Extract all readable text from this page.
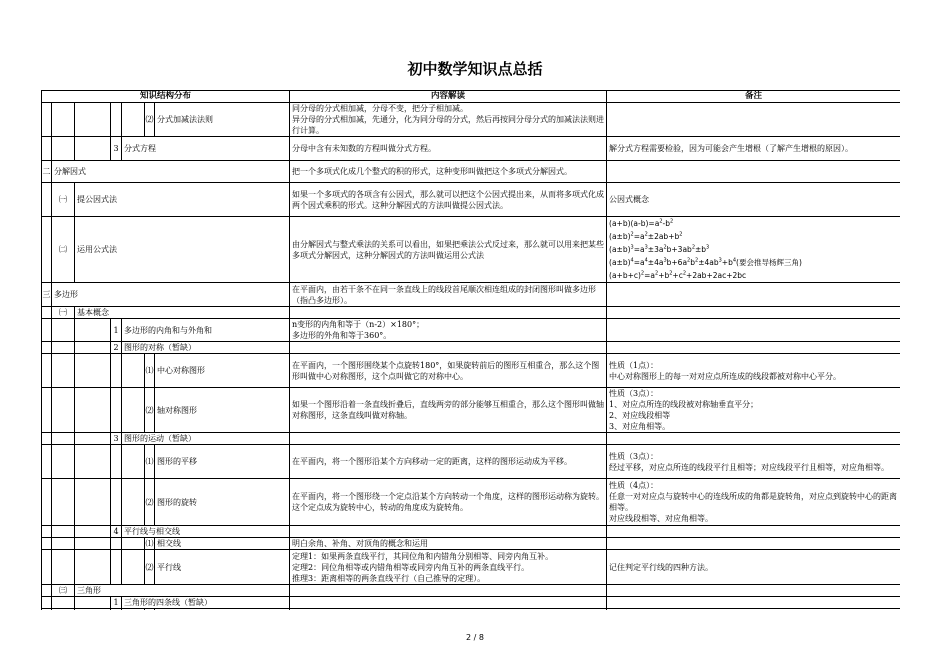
初中数学知识点总括
知识结构分布							内容解读	备注
					⑵	分式加减法法则	同分母的分式相加减，分母不变，把分子相加减。
异分母的分式相加减，先通分，化为同分母的分式，然后再按同分母分式的加减法法则进行计算。	
			3	分式方程			分母中含有未知数的方程叫做分式方程。	解分式方程需要检验，因为可能会产生增根（了解产生增根的原因）。
二	分解因式						把一个多项式化成几个整式的积的形式，这种变形叫做把这个多项式分解因式。	
	㈠	提公因式法					如果一个多项式的各项含有公因式，那么就可以把这个公因式提出来，从而将多项式化成两个因式乘积的形式。这种分解因式的方法叫做提公因式法。	公因式概念
	㈡	运用公式法					由分解因式与整式乘法的关系可以看出，如果把乘法公式反过来，那么就可以用来把某些多项式分解因式，这种分解因式的方法叫做运用公式法	$(a+b)(a-b)=a^2-b^2$
$(a\pm b)^2=a^2\pm 2ab+b^2$
$(a\pm b)^3=a^3\pm 3a^2b+3ab^2\pm b^3$
$(a\pm b)^4=a^4\pm 4a^3b+6a^2b^2\pm 4ab^3+b^4$(要会推导杨辉三角)
$(a+b+c)^2=a^2+b^2+c^2+2ab+2ac+2bc$

三	多边形						在平面内，由若干条不在同一条直线上的线段首尾顺次相连组成的封闭图形叫做多边形（指凸多边形）。	
	㈠	基本概念						
			1	多边形的内角和与外角和			n变形的内角和等于（n-2）×180°；
多边形的外角和等于360°。	
			2	图形的对称（暂缺）				
					⑴	中心对称图形	在平面内，一个图形围绕某个点旋转180°，如果旋转前后的图形互相重合，那么这个图形叫做中心对称图形，这个点叫做它的对称中心。	性质（1点）：
中心对称图形上的每一对对应点所连成的线段都被对称中心平分。
					⑵	轴对称图形	如果一个图形沿着一条直线折叠后，直线两旁的部分能够互相重合，那么这个图形叫做轴对称图形，这条直线叫做对称轴。	性质（3点）：
1、对应点所连的线段被对称轴垂直平分；
2、对应线段相等
3、对应角相等。
			3	图形的运动（暂缺）				
					⑴	图形的平移	在平面内，将一个图形沿某个方向移动一定的距离，这样的图形运动成为平移。	性质（3点）：
经过平移，对应点所连的线段平行且相等；对应线段平行且相等，对应角相等。
					⑵	图形的旋转	在平面内，将一个图形绕一个定点沿某个方向转动一个角度，这样的图形运动称为旋转。这个定点成为旋转中心，转动的角度成为旋转角。	性质（4点）：
任意一对对应点与旋转中心的连线所成的角都是旋转角，对应点到旋转中心的距离相等。
对应线段相等、对应角相等。
			4	平行线与相交线				
					⑴	相交线	明白余角、补角、对顶角的概念和运用	
					⑵	平行线	定理1：如果两条直线平行，其同位角和内错角分别相等、同旁内角互补。
定理2：同位角相等或内错角相等或同旁内角互补的两条直线平行。
推理3：距离相等的两条直线平行（自己推导的定理）。	记住判定平行线的四种方法。
	㈢	三角形						
			1	三角形的四条线（暂缺）				

2 / 8
